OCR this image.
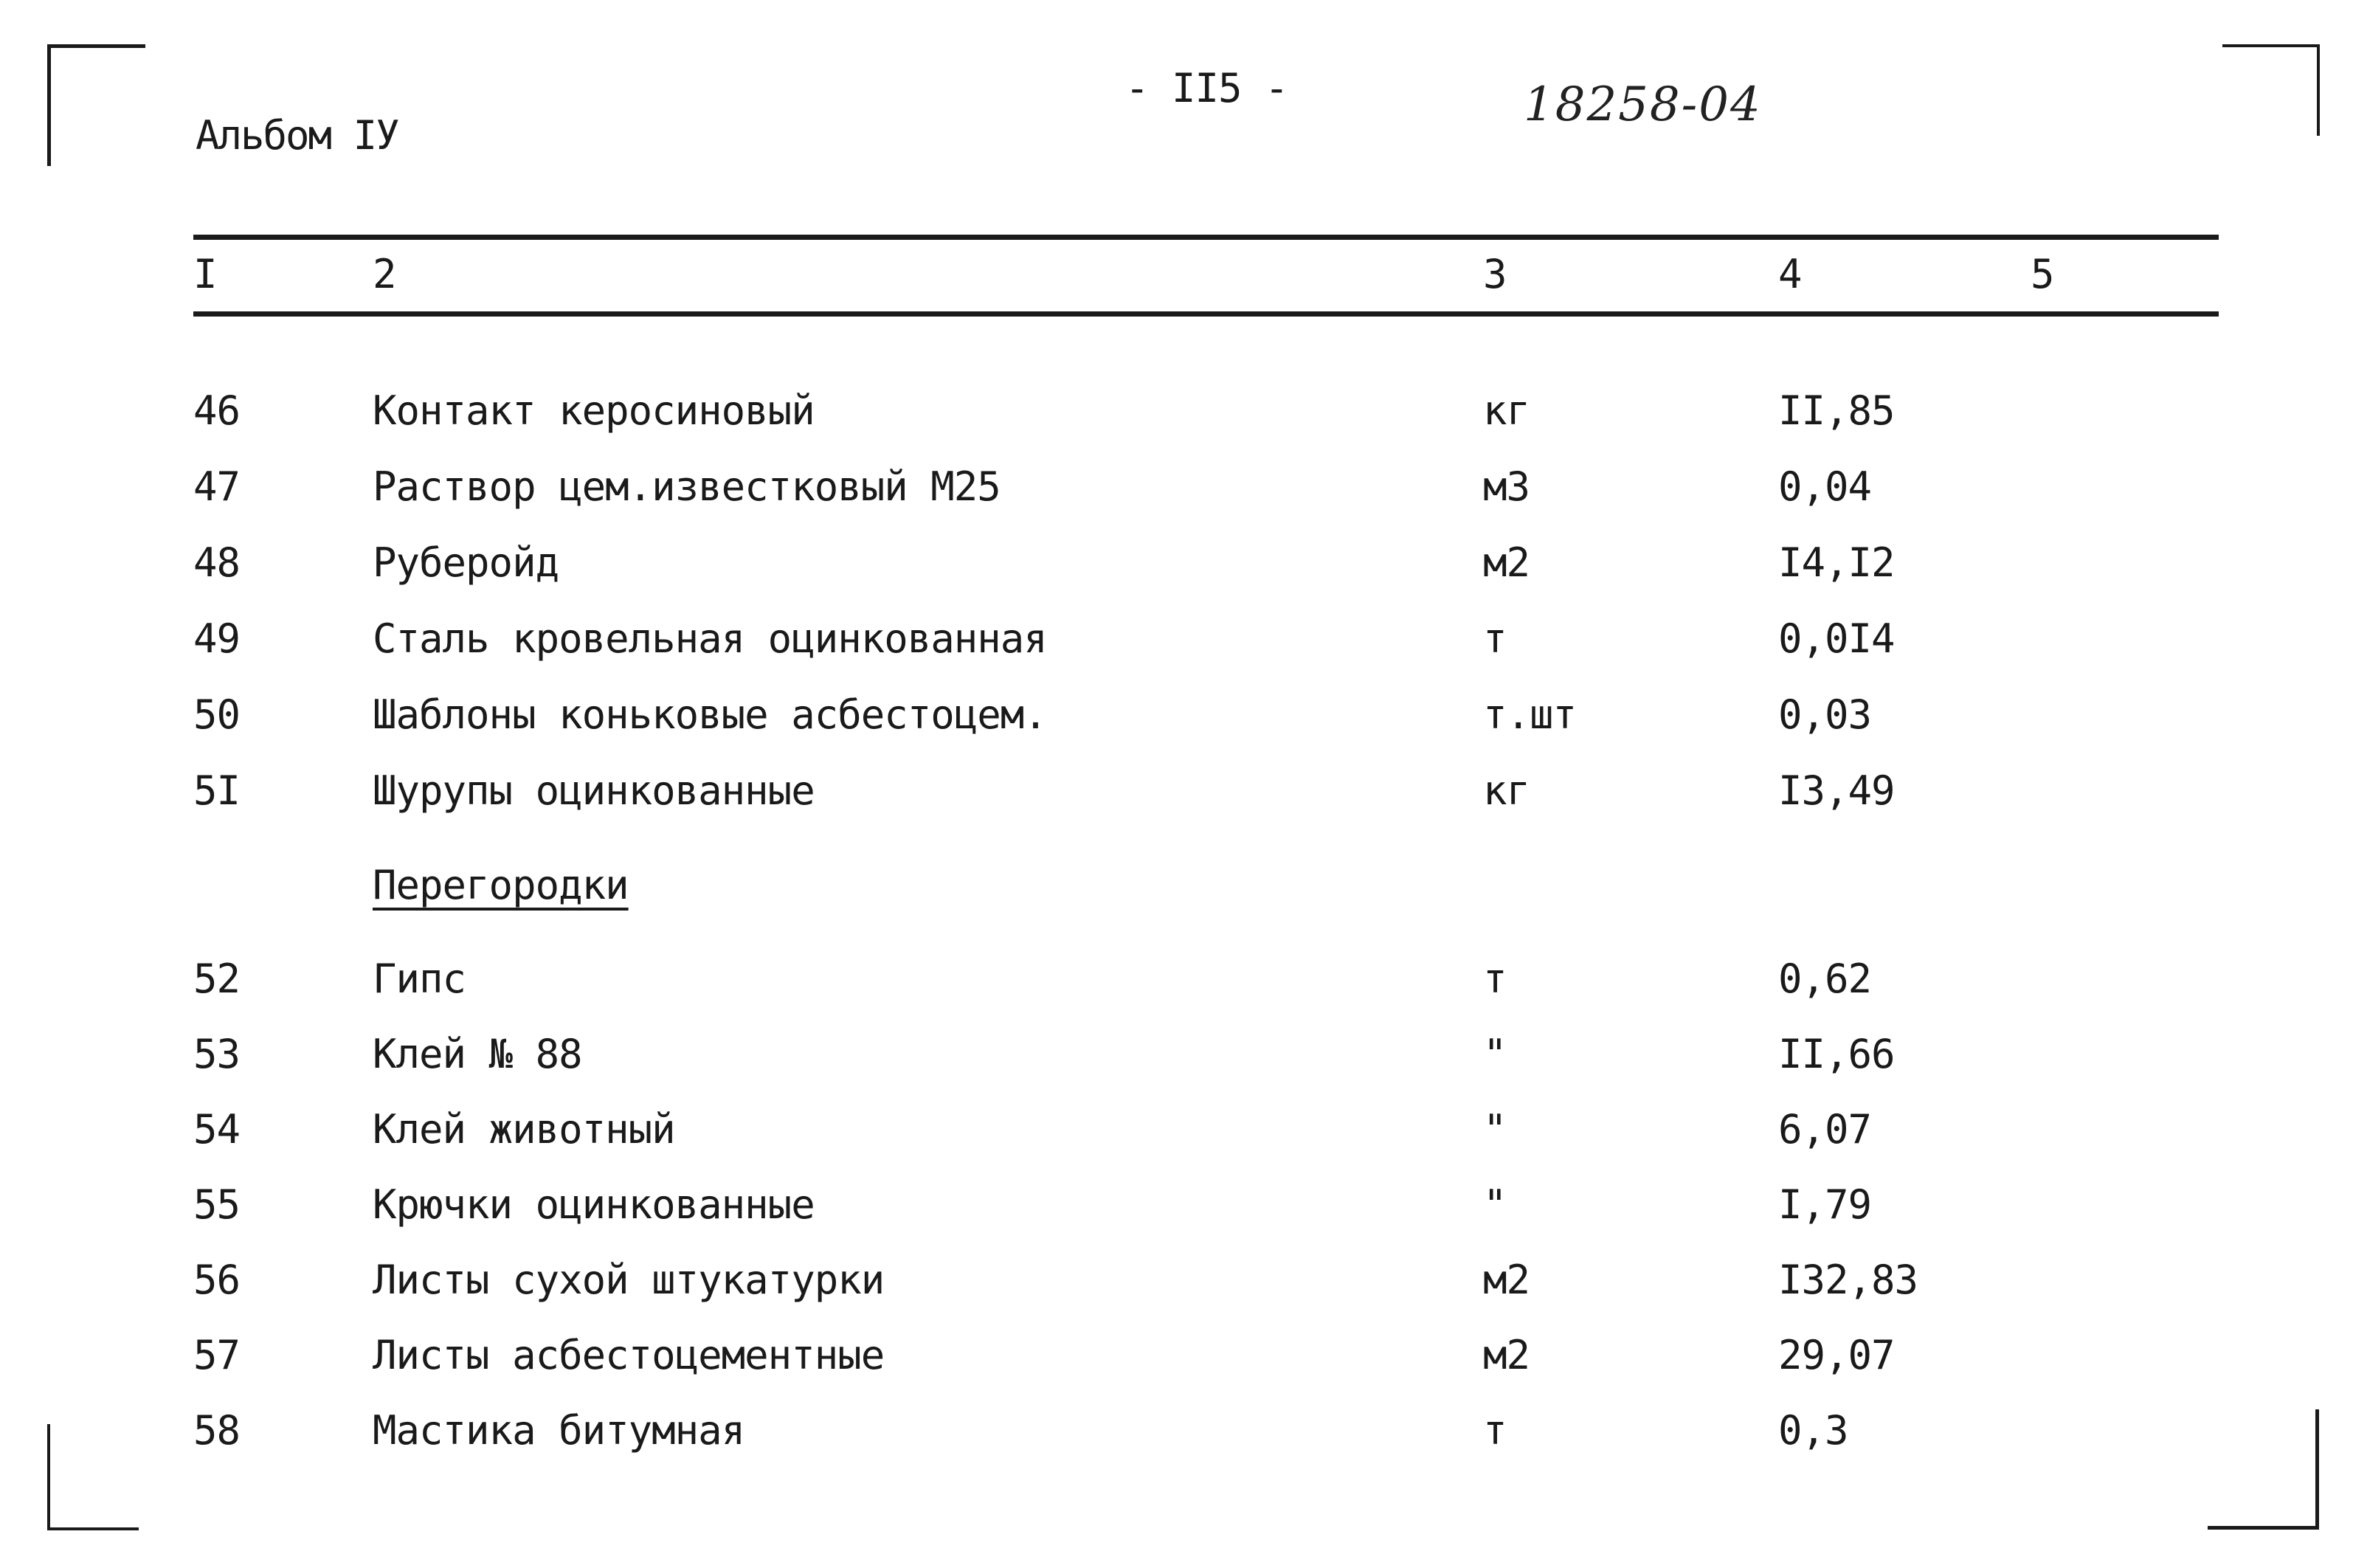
Альбом IУ
- II5 -	18258-04
I	2	3	4	5
46	Контакт керосиновый	кг	II,85
47	Раствор цем.известковый М25	м3	0,04
48	Руберойд	м2	I4,I2
49	Сталь кровельная оцинкованная	т	0,0I4
50	Шаблоны коньковые асбестоцем.	т.шт	0,03
5I	Шурупы оцинкованные	кг	I3,49
Перегородки
52	Гипс	т	0,62
53	Клей № 88	"	II,66
54	Клей животный	"	6,07
55	Крючки оцинкованные	"	I,79
56	Листы сухой штукатурки	м2	I32,83
57	Листы асбестоцементные	м2	29,07
58	Мастика битумная	т	0,3
